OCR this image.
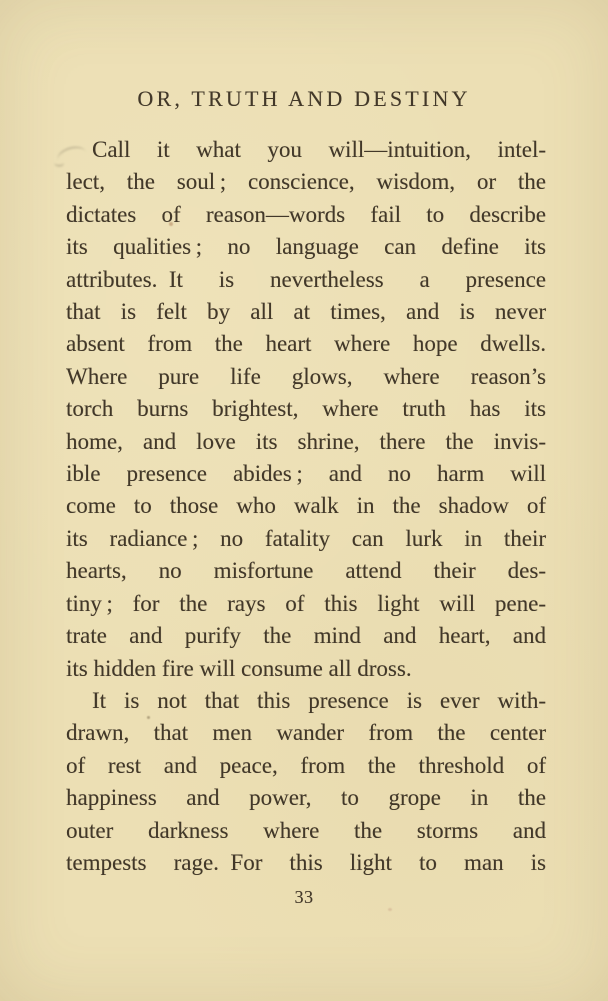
OR, TRUTH AND DESTINY
Call it what you will—intuition, intel-
lect, the soul ; conscience, wisdom, or the
dictates of reason—words fail to describe
its qualities ; no language can define its
attributes. It is nevertheless a presence
that is felt by all at times, and is never
absent from the heart where hope dwells.
Where pure life glows, where reason’s
torch burns brightest, where truth has its
home, and love its shrine, there the invis-
ible presence abides ; and no harm will
come to those who walk in the shadow of
its radiance ; no fatality can lurk in their
hearts, no misfortune attend their des-
tiny ; for the rays of this light will pene-
trate and purify the mind and heart, and
its hidden fire will consume all dross.
It is not that this presence is ever with-
drawn, that men wander from the center
of rest and peace, from the threshold of
happiness and power, to grope in the
outer darkness where the storms and
tempests rage. For this light to man is
33
